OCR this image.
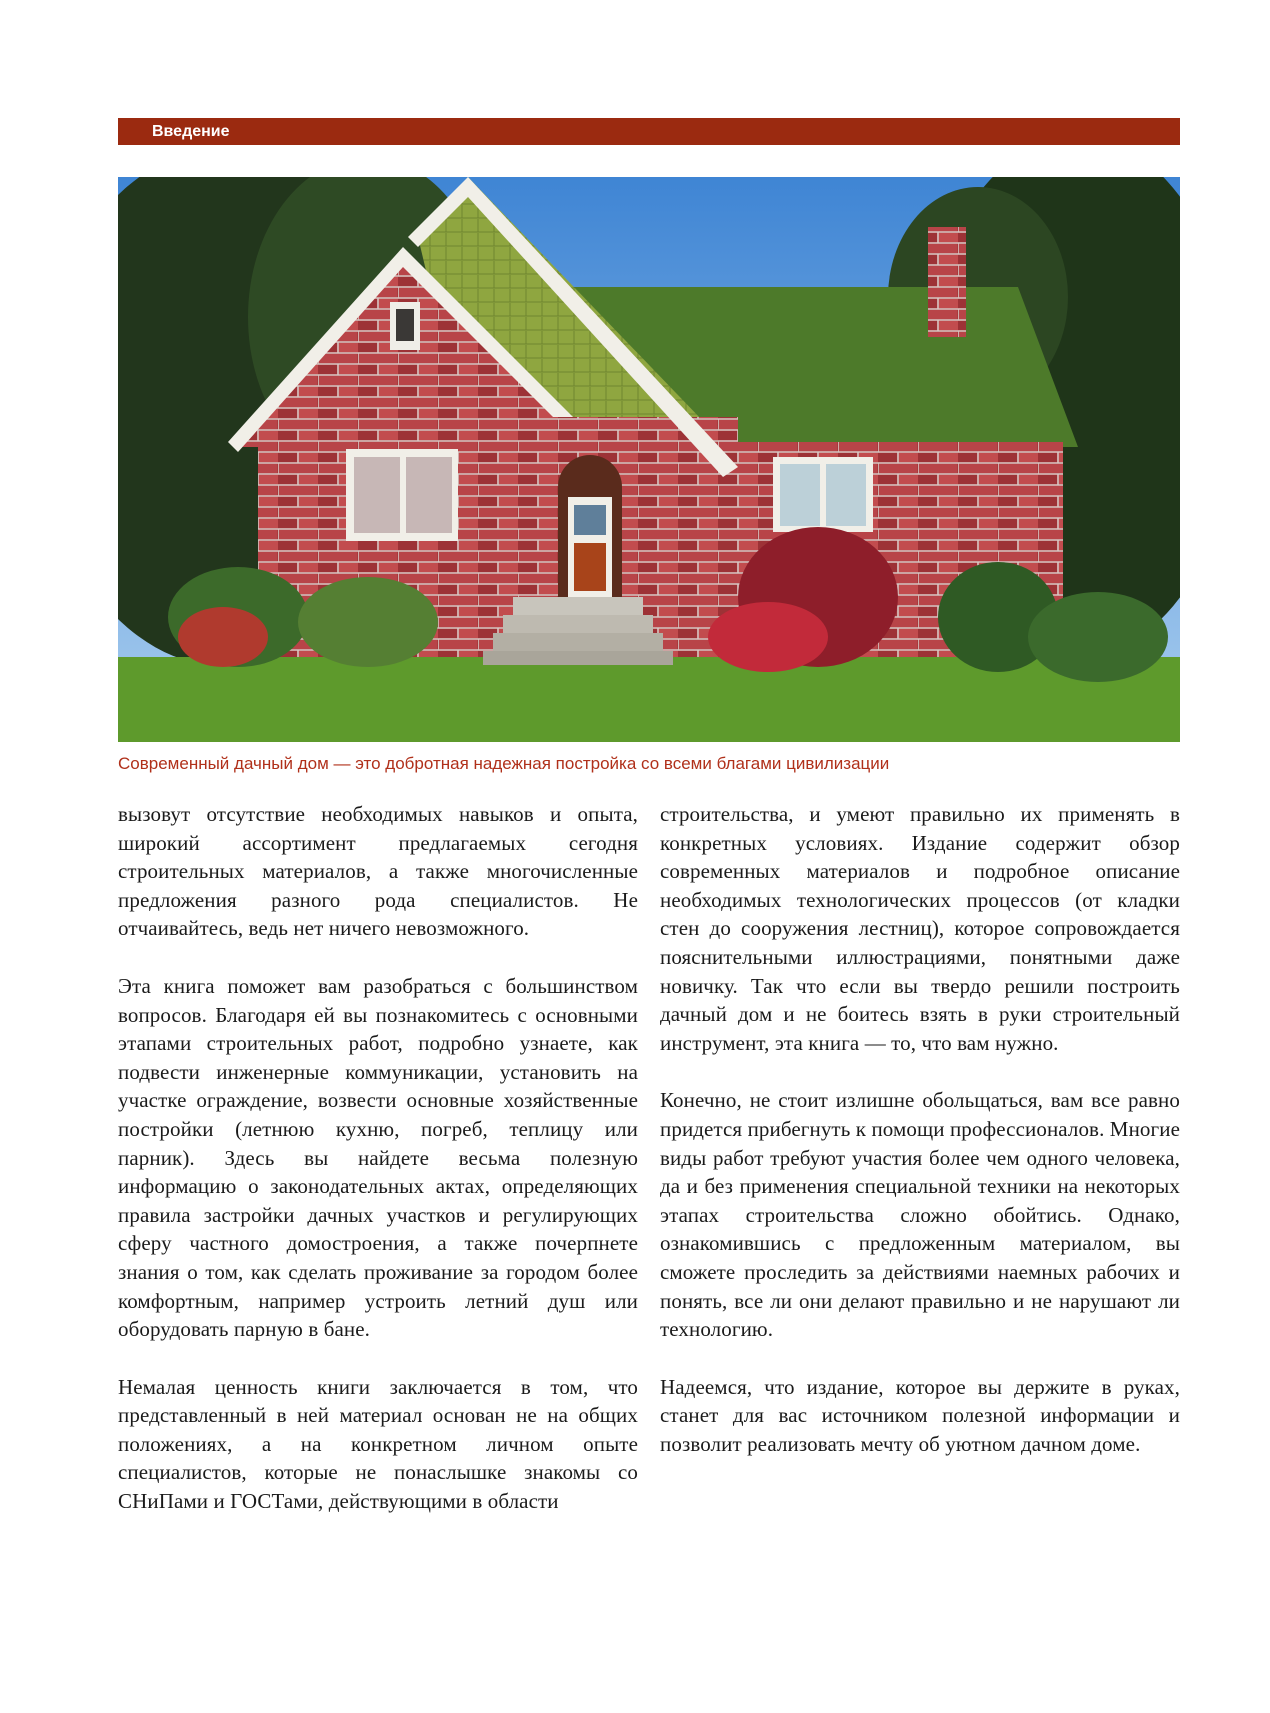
Введение
Современный дачный дом — это добротная надежная постройка со всеми благами цивилизации

вызовут отсутствие необходимых навыков и опыта, широкий ассортимент предлагаемых сегодня строительных материалов, а также многочисленные предложения разного рода специалистов. Не отчаивайтесь, ведь нет ничего невозможного.

Эта книга поможет вам разобраться с большинством вопросов. Благодаря ей вы познакомитесь с основными этапами строительных работ, подробно узнаете, как подвести инженерные коммуникации, установить на участке ограждение, возвести основные хозяйственные постройки (летнюю кухню, погреб, теплицу или парник). Здесь вы найдете весьма полезную информацию о законодательных актах, определяющих правила застройки дачных участков и регулирующих сферу частного домостроения, а также почерпнете знания о том, как сделать проживание за городом более комфортным, например устроить летний душ или оборудовать парную в бане.

Немалая ценность книги заключается в том, что представленный в ней материал основан не на общих положениях, а на конкретном личном опыте специалистов, которые не понаслышке знакомы со СНиПами и ГОСТами, действующими в области

строительства, и умеют правильно их применять в конкретных условиях. Издание содержит обзор современных материалов и подробное описание необходимых технологических процессов (от кладки стен до сооружения лестниц), которое сопровождается пояснительными иллюстрациями, понятными даже новичку. Так что если вы твердо решили построить дачный дом и не боитесь взять в руки строительный инструмент, эта книга — то, что вам нужно.

Конечно, не стоит излишне обольщаться, вам все равно придется прибегнуть к помощи профессионалов. Многие виды работ требуют участия более чем одного человека, да и без применения специальной техники на некоторых этапах строительства сложно обойтись. Однако, ознакомившись с предложенным материалом, вы сможете проследить за действиями наемных рабочих и понять, все ли они делают правильно и не нарушают ли технологию.

Надеемся, что издание, которое вы держите в руках, станет для вас источником полезной информации и позволит реализовать мечту об уютном дачном доме.
